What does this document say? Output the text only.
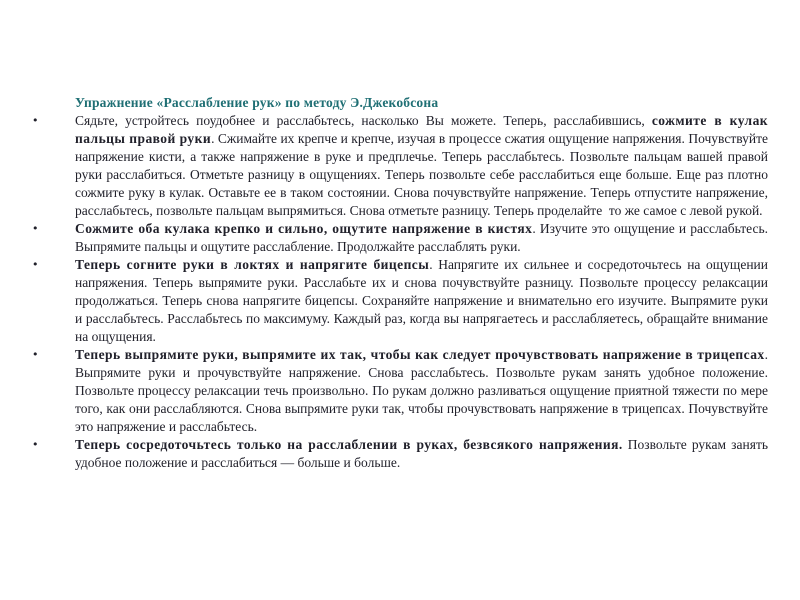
Упражнение «Расслабление рук» по методу Э.Джекобсона
•	Сядьте, устройтесь поудобнее и расслабьтесь, насколько Вы можете. Теперь, расслабившись, сожмите в кулак пальцы правой руки. Сжимайте их крепче и крепче, изучая в процессе сжатия ощущение напряжения. Почувствуйте напряжение кисти, а также напряжение в руке и предплечье. Теперь расслабьтесь. Позвольте пальцам вашей правой руки расслабиться. Отметьте разницу в ощущениях. Теперь позвольте себе расслабиться еще больше. Еще раз плотно сожмите руку в кулак. Оставьте ее в таком состоянии. Снова почувствуйте напряжение. Теперь отпустите напряжение, расслабьтесь, позвольте пальцам выпрямиться. Снова отметьте разницу. Теперь проделайте  то же самое с левой рукой.
•	Сожмите оба кулака крепко и сильно, ощутите напряжение в кистях. Изучите это ощущение и расслабьтесь. Выпрямите пальцы и ощутите расслабление. Продолжайте расслаблять руки.
•	Теперь согните руки в локтях и напрягите бицепсы. Напрягите их сильнее и сосредоточьтесь на ощущении напряжения. Теперь выпрямите руки. Расслабьте их и снова почувствуйте разницу. Позвольте процессу релаксации продолжаться. Теперь снова напрягите бицепсы. Сохраняйте напряжение и внимательно его изучите. Выпрямите руки и расслабьтесь. Расслабьтесь по максимуму. Каждый раз, когда вы напрягаетесь и расслабляетесь, обращайте внимание на ощущения.
•	Теперь выпрямите руки, выпрямите их так, чтобы как следует прочувствовать напряжение в трицепсах. Выпрямите руки и прочувствуйте напряжение. Снова расслабьтесь. Позвольте рукам занять удобное положение. Позвольте процессу релаксации течь произвольно. По рукам должно разливаться ощущение приятной тяжести по мере того, как они расслабляются. Снова выпрямите руки так, чтобы прочувствовать напряжение в трицепсах. Почувствуйте это напряжение и расслабьтесь.
•	Теперь сосредоточьтесь только на расслаблении в руках, безвсякого напряжения. Позвольте рукам занять удобное положение и расслабиться — больше и больше.
